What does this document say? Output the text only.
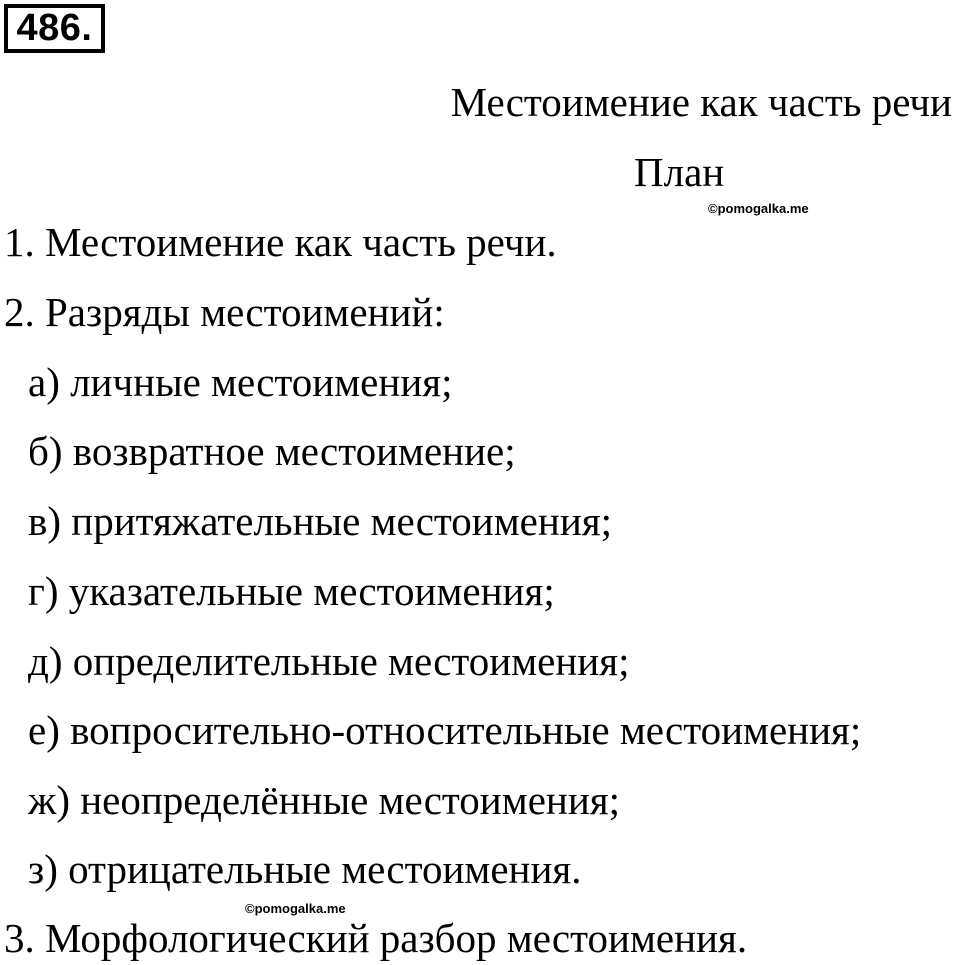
486.
Местоимение как часть речи
План
©pomogalka.me
1. Местоимение как часть речи.
2. Разряды местоимений:
а) личные местоимения;
б) возвратное местоимение;
в) притяжательные местоимения;
г) указательные местоимения;
д) определительные местоимения;
е) вопросительно-относительные местоимения;
ж) неопределённые местоимения;
з) отрицательные местоимения.
©pomogalka.me
3. Морфологический разбор местоимения.
